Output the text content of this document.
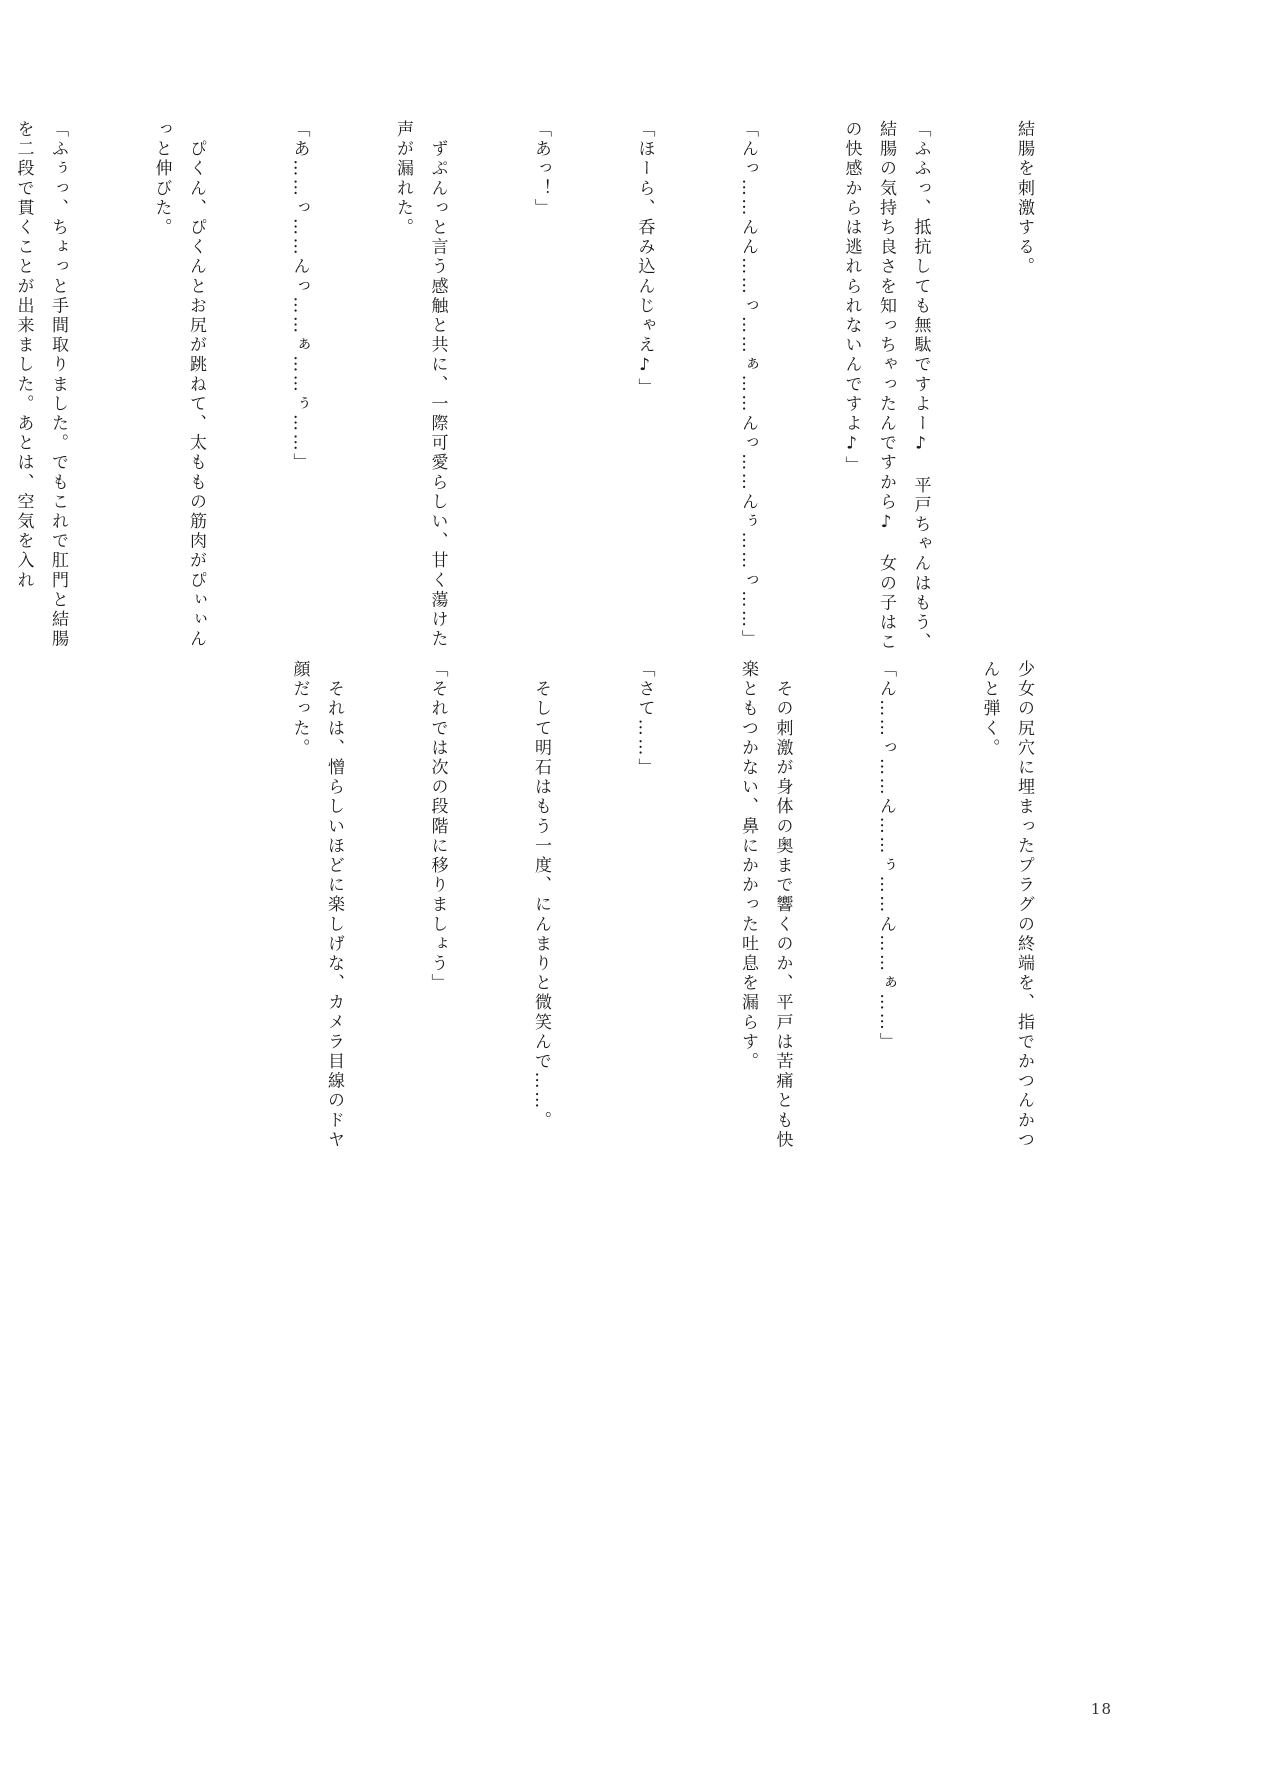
結腸を刺激する。

「ふふっ、抵抗しても無駄ですよー♪　平戸ちゃんはもう、結腸の気持ち良さを知っちゃったんですから♪　女の子はこの快感からは逃れられないんですよ♪」

「んっ……んん……っ……ぁ……んっ……んぅ……っ……」

「ほーら、呑み込んじゃえ♪」

「あっ！」

　ずぷんっと言う感触と共に、一際可愛らしい、甘く蕩けた声が漏れた。

「あ……っ……んっ……ぁ……ぅ……」

　ぴくん、ぴくんとお尻が跳ねて、太ももの筋肉がぴぃぃんっと伸びた。

「ふぅっ、ちょっと手間取りました。でもこれで肛門と結腸を二段で貫くことが出来ました。あとは、空気を入れ

少女の尻穴に埋まったプラグの終端を、指でかつんかつんと弾く。

「ん……っ……ん……ぅ……ん……ぁ……」

　その刺激が身体の奥まで響くのか、平戸は苦痛とも快楽ともつかない、鼻にかかった吐息を漏らす。

「さて……」

　そして明石はもう一度、にんまりと微笑んで……。

「それでは次の段階に移りましょう」

　それは、憎らしいほどに楽しげな、カメラ目線のドヤ顔だった。

18
